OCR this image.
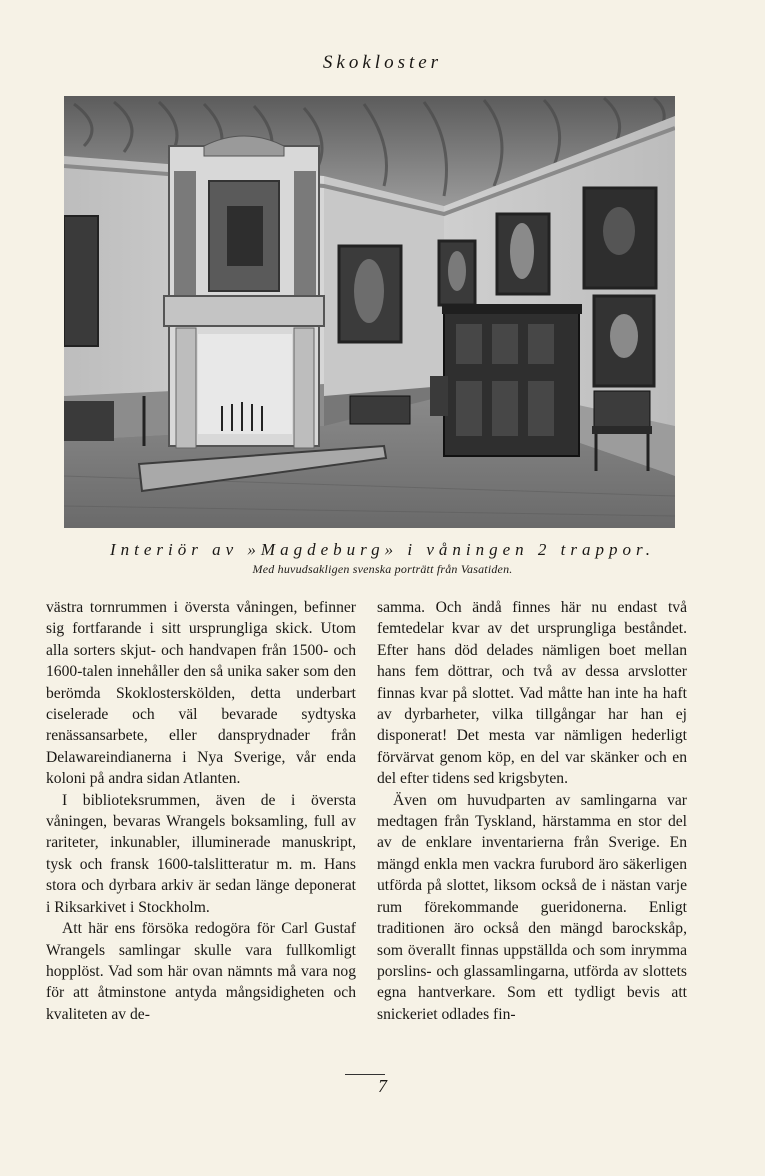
Skokloster
Interiör av »Magdeburg» i våningen 2 trappor.
Med huvudsakligen svenska porträtt från Vasatiden.

västra tornrummen i översta våningen, befinner sig fortfarande i sitt ursprungliga skick. Utom alla sorters skjut- och handvapen från 1500- och 1600-talen innehåller den så unika saker som den berömda Skoklosterskölden, detta underbart ciselerade och väl bevarade sydtyska renässansarbete, eller dansprydnader från Delawareindianerna i Nya Sverige, vår enda koloni på andra sidan Atlanten.

I biblioteksrummen, även de i översta våningen, bevaras Wrangels boksamling, full av rariteter, inkunabler, illuminerade manuskript, tysk och fransk 1600-talslitteratur m. m. Hans stora och dyrbara arkiv är sedan länge deponerat i Riksarkivet i Stockholm.

Att här ens försöka redogöra för Carl Gustaf Wrangels samlingar skulle vara fullkomligt hopplöst. Vad som här ovan nämnts må vara nog för att åtminstone antyda mångsidigheten och kvaliteten av de-

samma. Och ändå finnes här nu endast två femtedelar kvar av det ursprungliga beståndet. Efter hans död delades nämligen boet mellan hans fem döttrar, och två av dessa arvslotter finnas kvar på slottet. Vad måtte han inte ha haft av dyrbarheter, vilka tillgångar har han ej disponerat! Det mesta var nämligen hederligt förvärvat genom köp, en del var skänker och en del efter tidens sed krigsbyten.

Även om huvudparten av samlingarna var medtagen från Tyskland, härstamma en stor del av de enklare inventarierna från Sverige. En mängd enkla men vackra furubord äro säkerligen utförda på slottet, liksom också de i nästan varje rum förekommande gueridonerna. Enligt traditionen äro också den mängd barockskåp, som överallt finnas uppställda och som inrymma porslins- och glassamlingarna, utförda av slottets egna hantverkare. Som ett tydligt bevis att snickeriet odlades fin-

7
